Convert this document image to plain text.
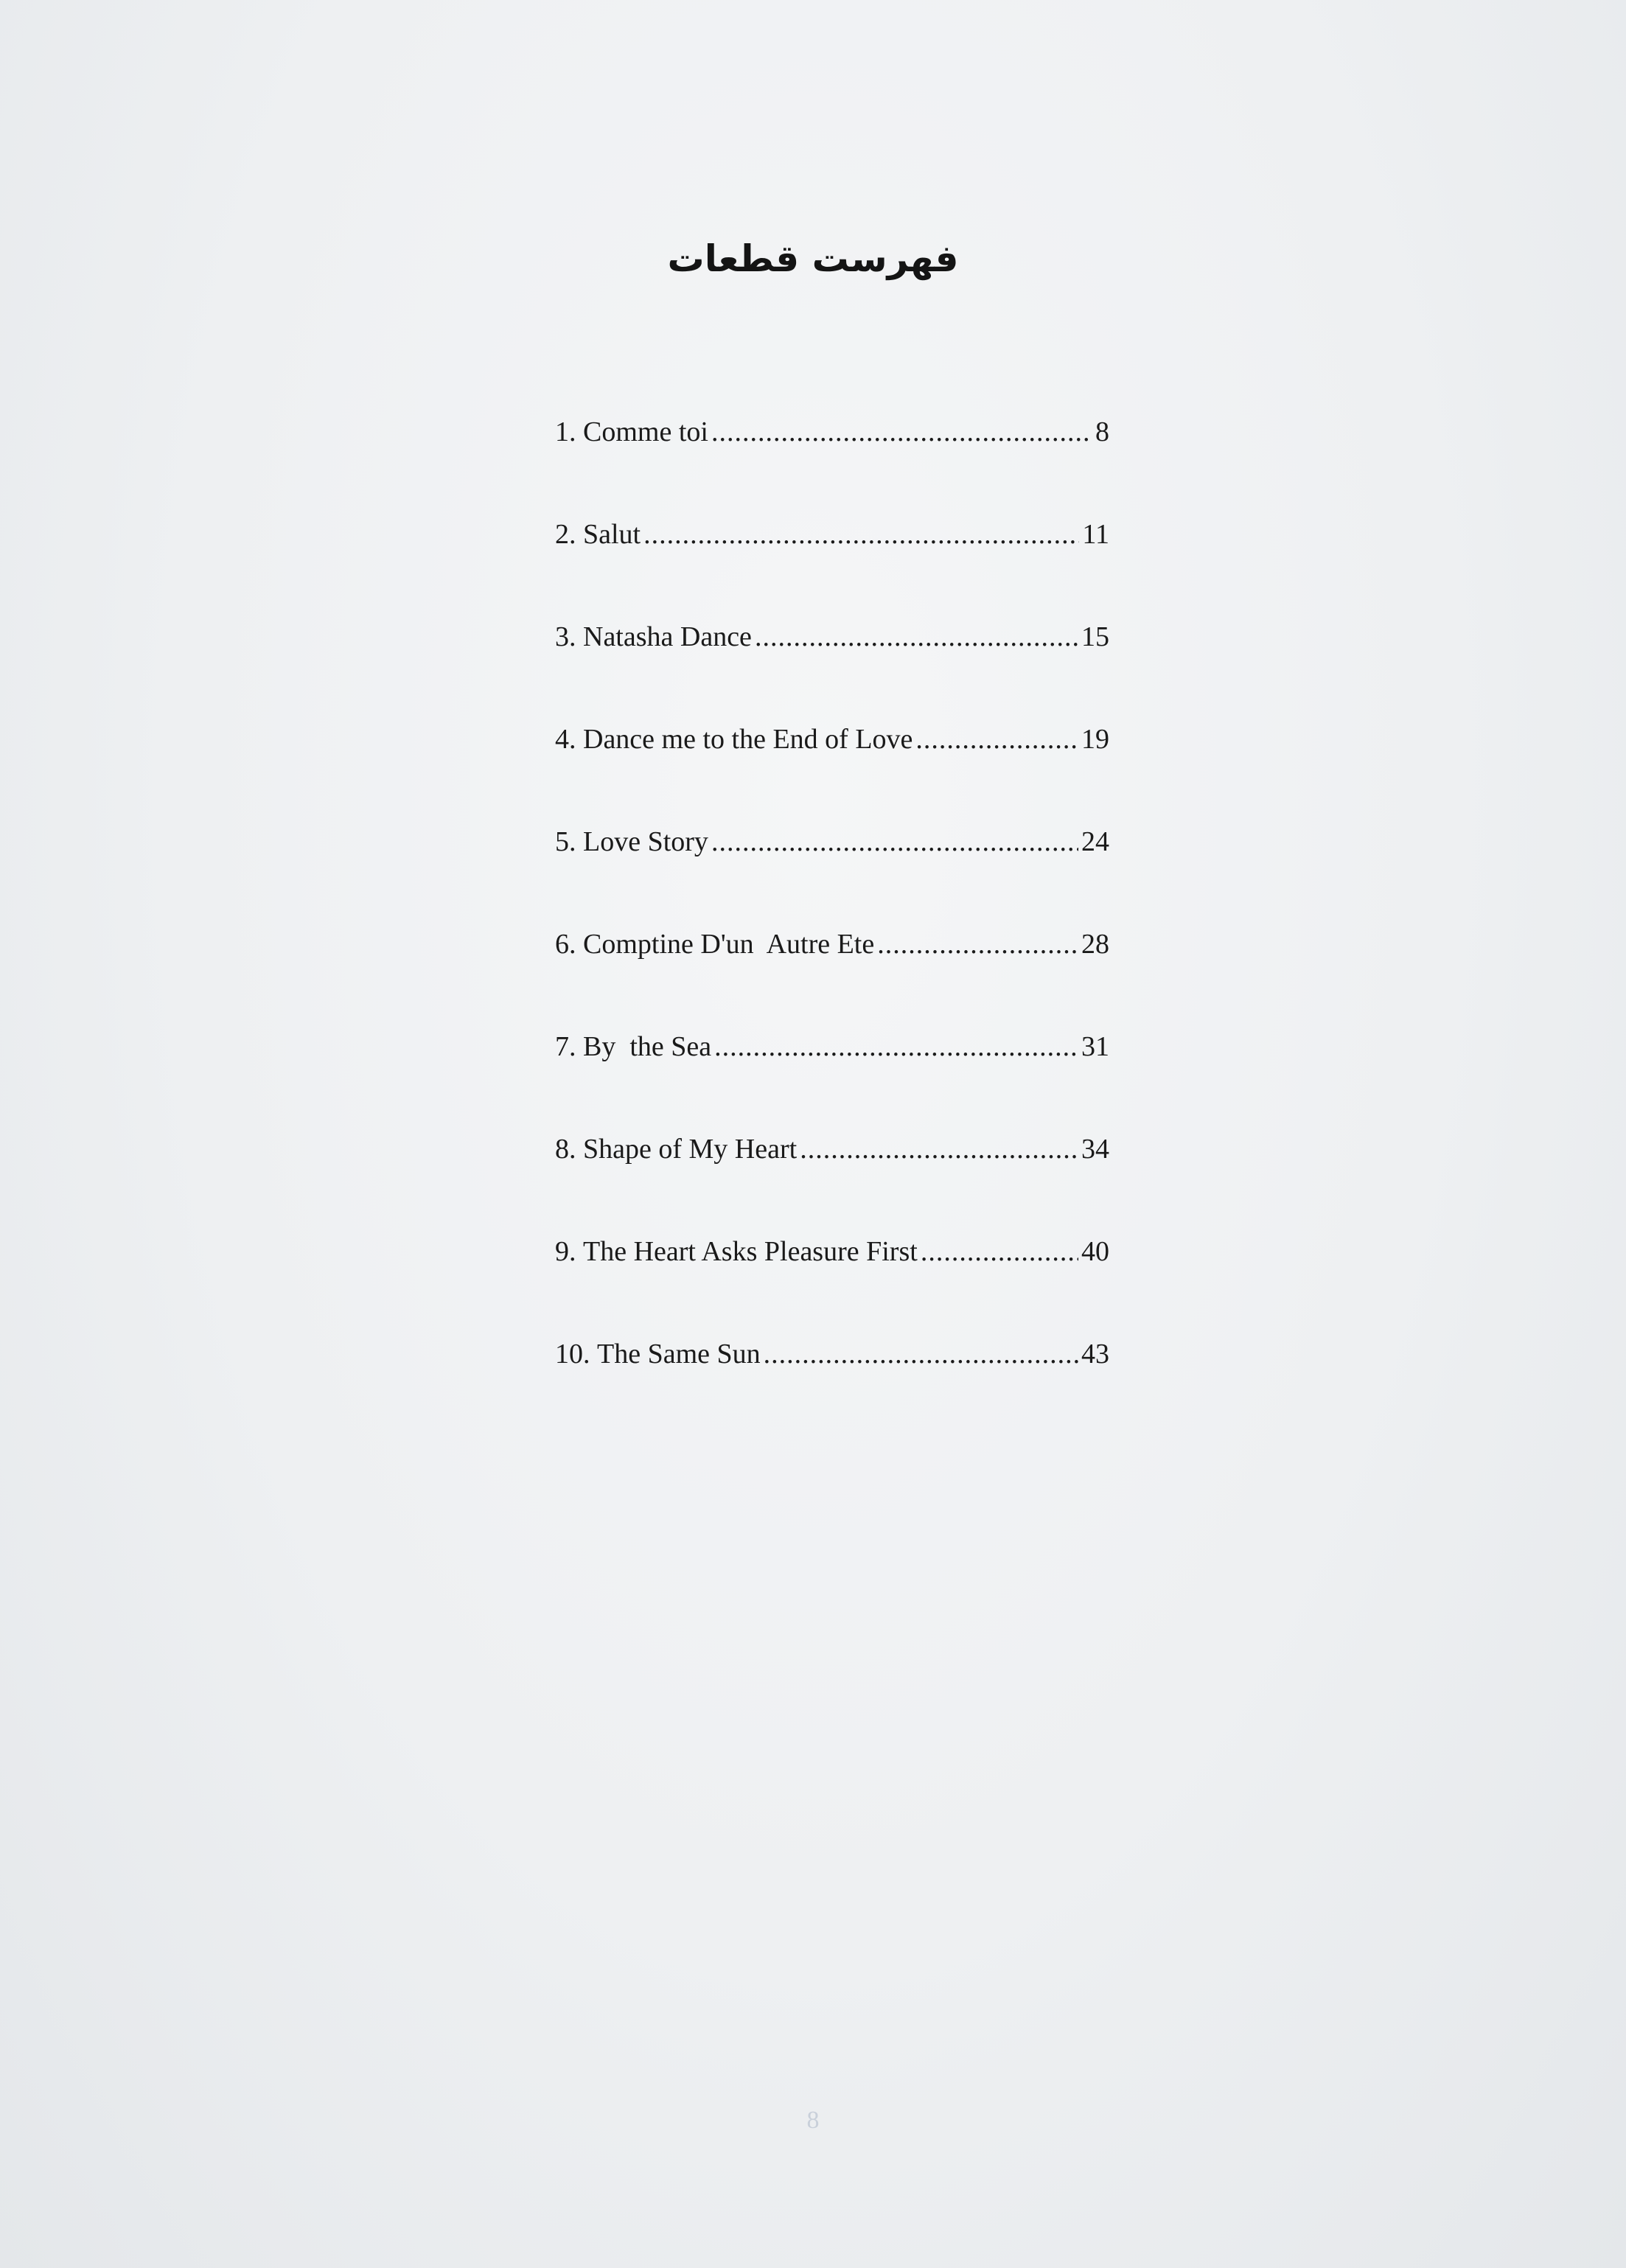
فهرست قطعات
1.
Comme toi .....	8
2.
Salut .....	11
3.
Natasha Dance .....	15
4.
Dance me to the End of Love .....	19
5.
Love Story .....	24
6.
Comptine D'un  Autre Ete .....	28
7.
By  the Sea .....	31
8.
Shape of My Heart .....	34
9.
The Heart Asks Pleasure First .....	40
10.
The Same Sun .....	43
8
